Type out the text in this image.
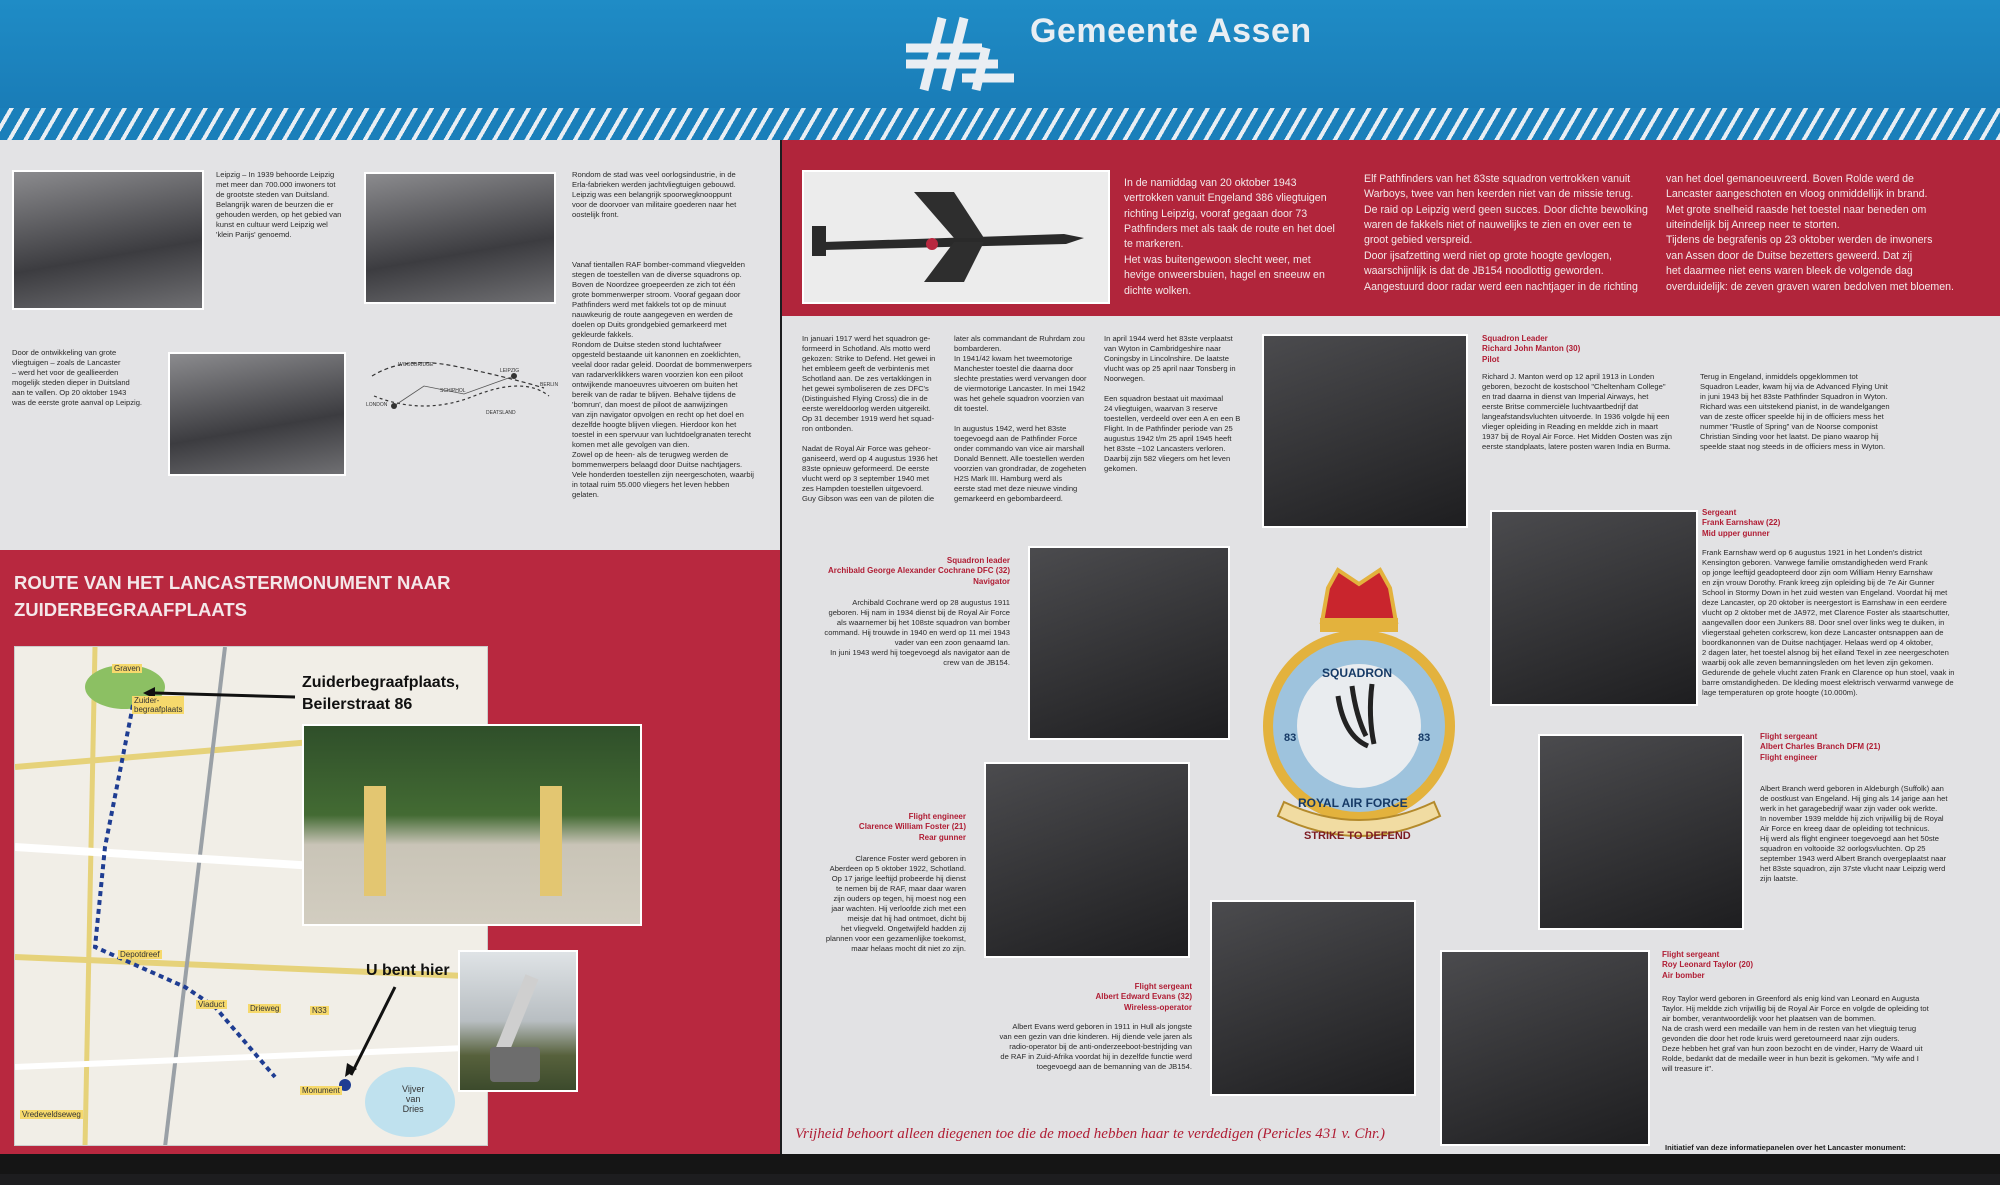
Gemeente Assen
Leipzig – In 1939 behoorde Leipzig
met meer dan 700.000 inwoners tot
de grootste steden van Duitsland.
Belangrijk waren de beurzen die er
gehouden werden, op het gebied van
kunst en cultuur werd Leipzig wel
'klein Parijs' genoemd.
Rondom de stad was veel oorlogsindustrie, in de
Erla-fabrieken werden jachtvliegtuigen gebouwd.
Leipzig was een belangrijk spoorwegknooppunt
voor de doorvoer van militaire goederen naar het
oostelijk front.
Vanaf tientallen RAF bomber-command vliegvelden
stegen de toestellen van de diverse squadrons op.
Boven de Noordzee groepeerden ze zich tot één
grote bommenwerper stroom. Vooraf gegaan door
Pathfinders werd met fakkels tot op de minuut
nauwkeurig de route aangegeven en werden de
doelen op Duits grondgebied gemarkeerd met
gekleurde fakkels.
Rondom de Duitse steden stond luchtafweer
opgesteld bestaande uit kanonnen en zoeklichten,
veelal door radar geleid. Doordat de bommenwerpers
van radarverklikkers waren voorzien kon een piloot
ontwijkende manoeuvres uitvoeren om buiten het
bereik van de radar te blijven. Behalve tijdens de
'bomrun', dan moest de piloot de aanwijzingen
van zijn navigator opvolgen en recht op het doel en
dezelfde hoogte blijven vliegen. Hierdoor kon het
toestel in een spervuur van luchtdoelgranaten terecht
komen met alle gevolgen van dien.
Zowel op de heen- als de terugweg werden de
bommenwerpers belaagd door Duitse nachtjagers.
Vele honderden toestellen zijn neergeschoten, waarbij
in totaal ruim 55.000 vliegers het leven hebben
gelaten.
Door de ontwikkeling van grote
vliegtuigen – zoals de Lancaster
– werd het voor de geallieerden
mogelijk steden dieper in Duitsland
aan te vallen. Op 20 oktober 1943
was de eerste grote aanval op Leipzig.
WOODBRIDGE
LEIPZIG
BERLIN
LONDON
SCHIPHOL
DEATSLAND
ROUTE VAN HET LANCASTERMONUMENT NAAR
ZUIDERBEGRAAFPLAATS
Graven
Zuider-
begraafplaats
Depotdreef
Viaduct	Drieweg	N33
Monument	Vijver
van
Dries
Vredeveldseweg
Zuiderbegraafplaats,
Beilerstraat 86
U bent hier
In de namiddag van 20 oktober 1943
vertrokken vanuit Engeland 386 vliegtuigen
richting Leipzig, vooraf gegaan door 73
Pathfinders met als taak de route en het doel
te markeren.
Het was buitengewoon slecht weer, met
hevige onweersbuien, hagel en sneeuw en
dichte wolken.
Elf Pathfinders van het 83ste squadron vertrokken vanuit
Warboys, twee van hen keerden niet van de missie terug.
De raid op Leipzig werd geen succes. Door dichte bewolking
waren de fakkels niet of nauwelijks te zien en over een te
groot gebied verspreid.
Door ijsafzetting werd niet op grote hoogte gevlogen,
waarschijnlijk is dat de JB154 noodlottig geworden.
Aangestuurd door radar werd een nachtjager in de richting
van het doel gemanoeuvreerd. Boven Rolde werd de
Lancaster aangeschoten en vloog onmiddellijk in brand.
Met grote snelheid raasde het toestel naar beneden om
uiteindelijk bij Anreep neer te storten.
Tijdens de begrafenis op 23 oktober werden de inwoners
van Assen door de Duitse bezetters geweerd. Dat zij
het daarmee niet eens waren bleek de volgende dag
overduidelijk: de zeven graven waren bedolven met bloemen.
In januari 1917 werd het squadron ge-
formeerd in Schotland. Als motto werd
gekozen: Strike to Defend. Het gewei in
het embleem geeft de verbintenis met
Schotland aan. De zes vertakkingen in
het gewei symboliseren de zes DFC's
(Distinguished Flying Cross) die in de
eerste wereldoorlog werden uitgereikt.
Op 31 december 1919 werd het squad-
ron ontbonden.

Nadat de Royal Air Force was geheor-
ganiseerd, werd op 4 augustus 1936 het
83ste opnieuw geformeerd. De eerste
vlucht werd op 3 september 1940 met
zes Hampden toestellen uitgevoerd.
Guy Gibson was een van de piloten die
later als commandant de Ruhrdam zou
bombarderen.
In 1941/42 kwam het tweemotorige
Manchester toestel die daarna door
slechte prestaties werd vervangen door
de viermotorige Lancaster. In mei 1942
was het gehele squadron voorzien van
dit toestel.

In augustus 1942, werd het 83ste
toegevoegd aan de Pathfinder Force
onder commando van vice air marshall
Donald Bennett. Alle toestellen werden
voorzien van grondradar, de zogeheten
H2S Mark III. Hamburg werd als
eerste stad met deze nieuwe vinding
gemarkeerd en gebombardeerd.
In april 1944 werd het 83ste verplaatst
van Wyton in Cambridgeshire naar
Coningsby in Lincolnshire. De laatste
vlucht was op 25 april naar Tonsberg in
Noorwegen.

Een squadron bestaat uit maximaal
24 vliegtuigen, waarvan 3 reserve
toestellen, verdeeld over een A en een B
Flight. In de Pathfinder periode van 25
augustus 1942 t/m 25 april 1945 heeft
het 83ste ~102 Lancasters verloren.
Daarbij zijn 582 vliegers om het leven
gekomen.
Squadron Leader
Richard John Manton (30)
Pilot
Richard J. Manton werd op 12 april 1913 in Londen
geboren, bezocht de kostschool "Cheltenham College"
en trad daarna in dienst van Imperial Airways, het
eerste Britse commerciële luchtvaartbedrijf dat
langeafstandsvluchten uitvoerde. In 1936 volgde hij een
vlieger opleiding in Reading en meldde zich in maart
1937 bij de Royal Air Force. Het Midden Oosten was zijn
eerste standplaats, latere posten waren India en Burma.
Terug in Engeland, inmiddels opgeklommen tot
Squadron Leader, kwam hij via de Advanced Flying Unit
in juni 1943 bij het 83ste Pathfinder Squadron in Wyton.
Richard was een uitstekend pianist, in de wandelgangen
van de zeste officer speelde hij in de officiers mess het
nummer "Rustle of Spring" van de Noorse componist
Christian Sinding voor het laatst. De piano waarop hij
speelde staat nog steeds in de officiers mess in Wyton.
Squadron leader
Archibald George Alexander Cochrane DFC (32)
Navigator
Archibald Cochrane werd op 28 augustus 1911
geboren. Hij nam in 1934 dienst bij de Royal Air Force
als waarnemer bij het 108ste squadron van bomber
command. Hij trouwde in 1940 en werd op 11 mei 1943
vader van een zoon genaamd Ian.
In juni 1943 werd hij toegevoegd als navigator aan de
crew van de JB154.
SQUADRON
83	83
ROYAL AIR FORCE
STRIKE TO DEFEND
Sergeant
Frank Earnshaw (22)
Mid upper gunner
Frank Earnshaw werd op 6 augustus 1921 in het Londen's district
Kensington geboren. Vanwege familie omstandigheden werd Frank
op jonge leeftijd geadopteerd door zijn oom William Henry Earnshaw
en zijn vrouw Dorothy. Frank kreeg zijn opleiding bij de 7e Air Gunner
School in Stormy Down in het zuid westen van Engeland. Voordat hij met
deze Lancaster, op 20 oktober is neergestort is Earnshaw in een eerdere
vlucht op 2 oktober met de JA972, met Clarence Foster als staartschutter,
aangevallen door een Junkers 88. Door snel over links weg te duiken, in
vliegerstaal geheten corkscrew, kon deze Lancaster ontsnappen aan de
boordkanonnen van de Duitse nachtjager. Helaas werd op 4 oktober,
2 dagen later, het toestel alsnog bij het eiland Texel in zee neergeschoten
waarbij ook alle zeven bemanningsleden om het leven zijn gekomen.
Gedurende de gehele vlucht zaten Frank en Clarence op hun stoel, vaak in
barre omstandigheden. De kleding moest elektrisch verwarmd vanwege de
lage temperaturen op grote hoogte (10.000m).
Flight engineer
Clarence William Foster (21)
Rear gunner
Clarence Foster werd geboren in
Aberdeen op 5 oktober 1922, Schotland.
Op 17 jarige leeftijd probeerde hij dienst
te nemen bij de RAF, maar daar waren
zijn ouders op tegen, hij moest nog een
jaar wachten. Hij verloofde zich met een
meisje dat hij had ontmoet, dicht bij
het vliegveld. Ongetwijfeld hadden zij
plannen voor een gezamenlijke toekomst,
maar helaas mocht dit niet zo zijn.
Flight sergeant
Albert Charles Branch DFM (21)
Flight engineer
Albert Branch werd geboren in Aldeburgh (Suffolk) aan
de oostkust van Engeland. Hij ging als 14 jarige aan het
werk in het garagebedrijf waar zijn vader ook werkte.
In november 1939 meldde hij zich vrijwillig bij de Royal
Air Force en kreeg daar de opleiding tot technicus.
Hij werd als flight engineer toegevoegd aan het 50ste
squadron en voltooide 32 oorlogsvluchten. Op 25
september 1943 werd Albert Branch overgeplaatst naar
het 83ste squadron, zijn 37ste vlucht naar Leipzig werd
zijn laatste.
Flight sergeant
Albert Edward Evans (32)
Wireless-operator
Albert Evans werd geboren in 1911 in Hull als jongste
van een gezin van drie kinderen. Hij diende vele jaren als
radio-operator bij de anti-onderzeeboot-bestrijding van
de RAF in Zuid-Afrika voordat hij in dezelfde functie werd
toegevoegd aan de bemanning van de JB154.
Flight sergeant
Roy Leonard Taylor (20)
Air bomber
Roy Taylor werd geboren in Greenford als enig kind van Leonard en Augusta
Taylor. Hij meldde zich vrijwillig bij de Royal Air Force en volgde de opleiding tot
air bomber, verantwoordelijk voor het plaatsen van de bommen.
Na de crash werd een medaille van hem in de resten van het vliegtuig terug
gevonden die door het rode kruis werd geretourneerd naar zijn ouders.
Deze hebben het graf van hun zoon bezocht en de vinder, Harry de Waard uit
Rolde, bedankt dat de medaille weer in hun bezit is gekomen. "My wife and I
will treasure it".
Vrijheid behoort alleen diegenen toe die de moed hebben haar te verdedigen (Pericles 431 v. Chr.)

Initiatief van deze informatiepanelen over het Lancaster monument:
